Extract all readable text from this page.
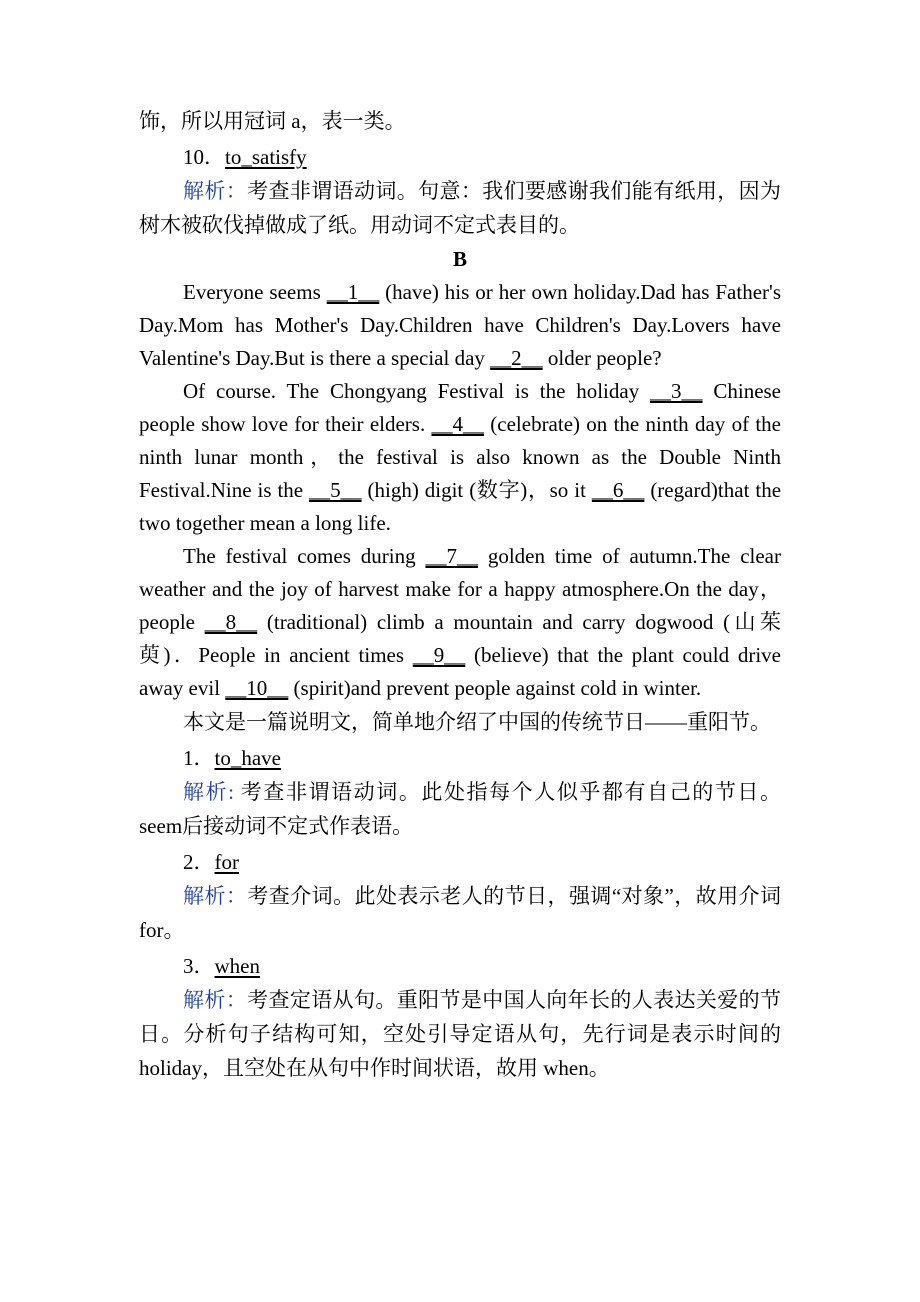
饰，所以用冠词 a，表一类。

10．to_satisfy

解析：考查非谓语动词。句意：我们要感谢我们能有纸用，因为树木被砍伐掉做成了纸。用动词不定式表目的。

B

Everyone seems __1__ (have) his or her own holiday.Dad has Father's Day.Mom has Mother's Day.Children have Children's Day.Lovers have Valentine's Day.But is there a special day __2__ older people?

Of course. The Chongyang Festival is the holiday __3__ Chinese people show love for their elders. __4__ (celebrate) on the ninth day of the ninth lunar month，the festival is also known as the Double Ninth Festival.Nine is the __5__ (high) digit (数字)，so it __6__ (regard)that the two together mean a long life.

The festival comes during __7__ golden time of autumn.The clear weather and the joy of harvest make for a happy atmosphere.On the day，people __8__ (traditional) climb a mountain and carry dogwood (山茱萸)．People in ancient times __9__ (believe) that the plant could drive away evil __10__ (spirit)and prevent people against cold in winter.

本文是一篇说明文，简单地介绍了中国的传统节日——重阳节。

1．to_have

解析: 考查非谓语动词。此处指每个人似乎都有自己的节日。seem后接动词不定式作表语。

2．for

解析：考查介词。此处表示老人的节日，强调“对象”，故用介词 for。

3．when

解析：考查定语从句。重阳节是中国人向年长的人表达关爱的节日。分析句子结构可知，空处引导定语从句，先行词是表示时间的 holiday，且空处在从句中作时间状语，故用 when。
